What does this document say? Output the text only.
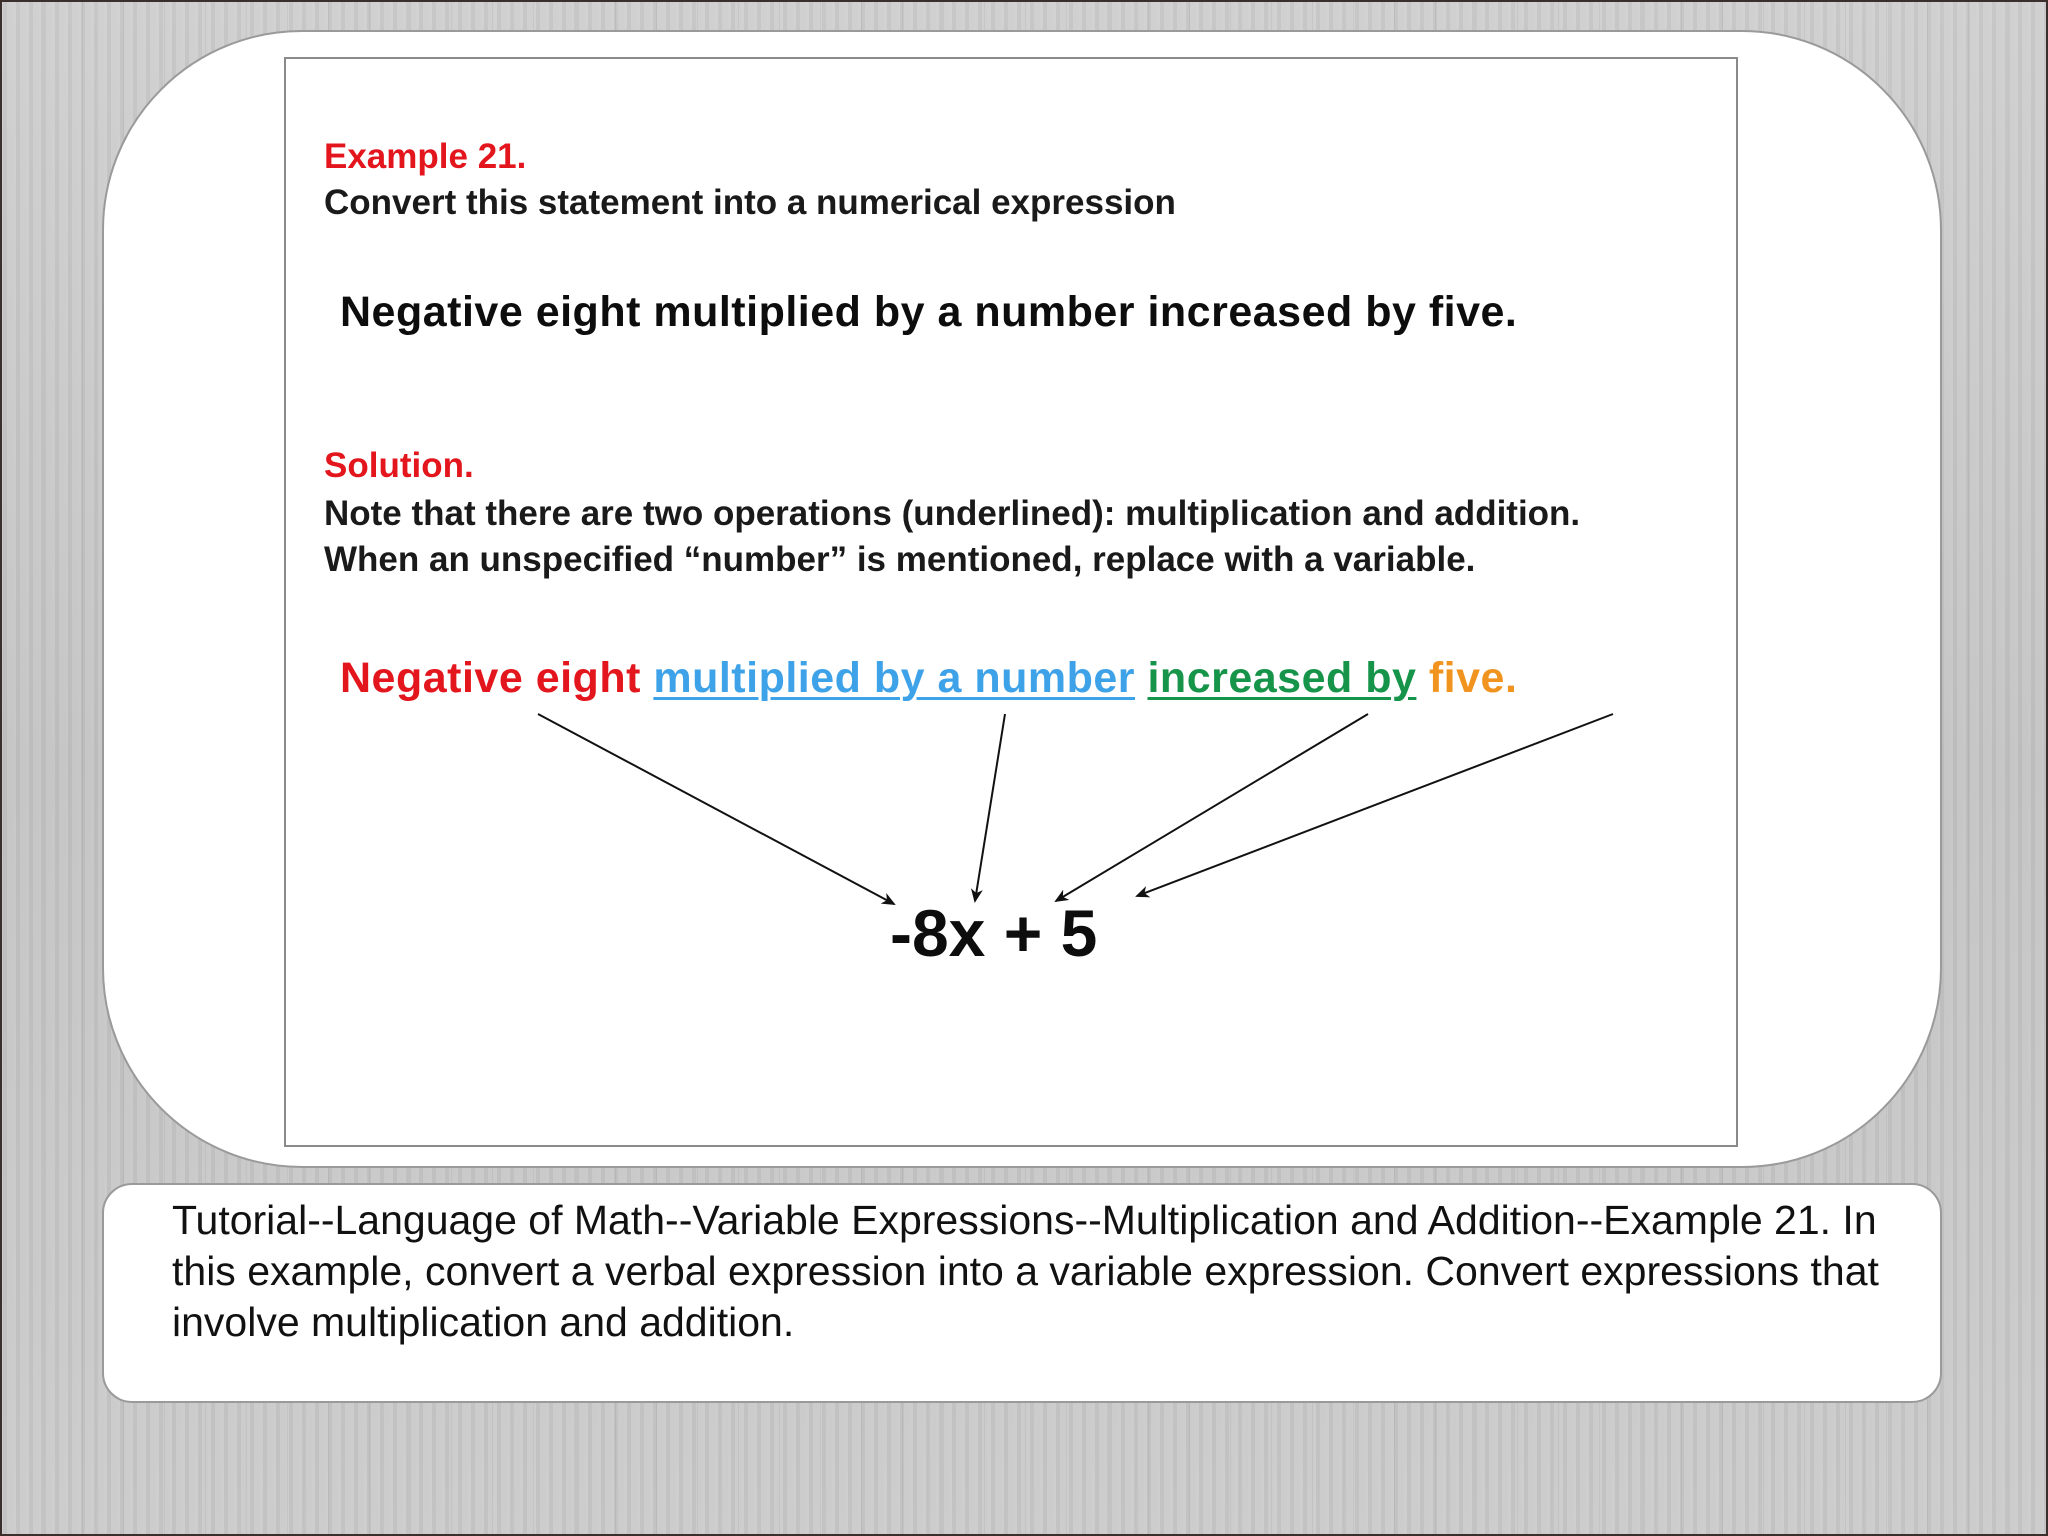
Example 21.
Convert this statement into a numerical expression
Negative eight multiplied by a number increased by five.
Solution.
Note that there are two operations (underlined): multiplication and addition. When an unspecified “number” is mentioned, replace with a variable.
Negative eight multiplied by a number increased by five.
-8x + 5
Tutorial--Language of Math--Variable Expressions--Multiplication and Addition--Example 21. In this example, convert a verbal expression into a variable expression. Convert expressions that involve multiplication and addition.
